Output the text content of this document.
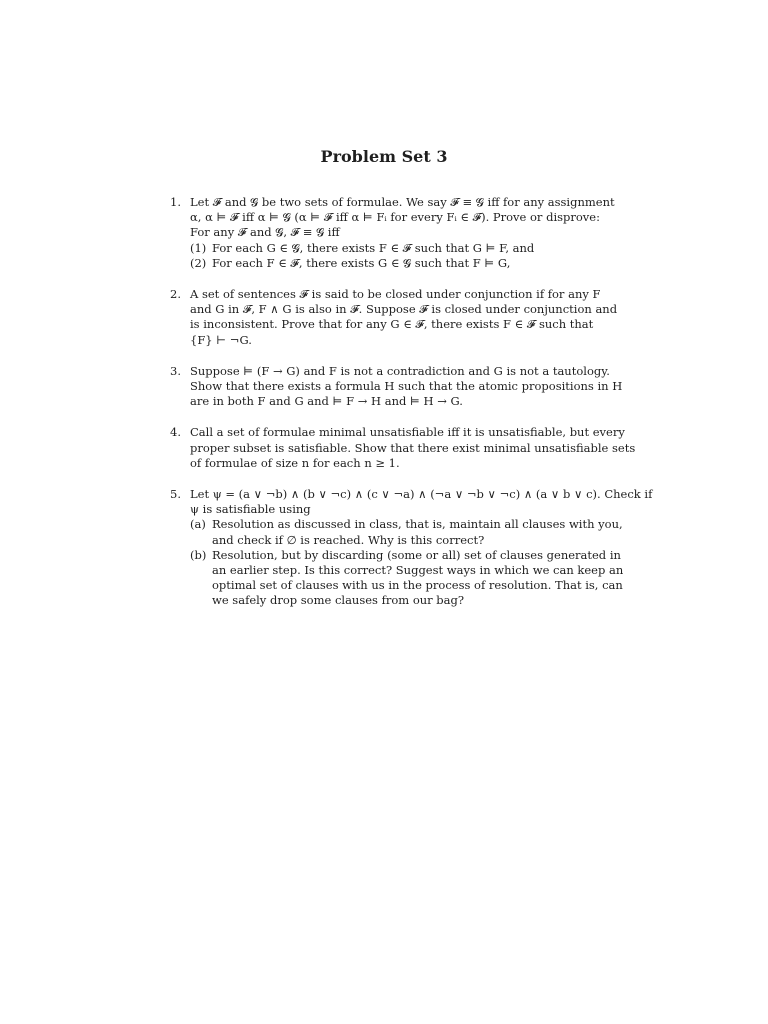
Problem Set 3
1. Let 𝓕 and 𝓖 be two sets of formulae. We say 𝓕 ≡ 𝓖 iff for any assignment
α, α ⊨ 𝓕 iff α ⊨ 𝓖 (α ⊨ 𝓕 iff α ⊨ Fᵢ for every Fᵢ ∈ 𝓕). Prove or disprove:
For any 𝓕 and 𝓖, 𝓕 ≡ 𝓖 iff
(1) For each G ∈ 𝓖, there exists F ∈ 𝓕 such that G ⊨ F, and
(2) For each F ∈ 𝓕, there exists G ∈ 𝓖 such that F ⊨ G,
2. A set of sentences 𝓕 is said to be closed under conjunction if for any F
and G in 𝓕, F ∧ G is also in 𝓕. Suppose 𝓕 is closed under conjunction and
is inconsistent. Prove that for any G ∈ 𝓕, there exists F ∈ 𝓕 such that
{F} ⊢ ¬G.
3. Suppose ⊨ (F → G) and F is not a contradiction and G is not a tautology.
Show that there exists a formula H such that the atomic propositions in H
are in both F and G and ⊨ F → H and ⊨ H → G.
4. Call a set of formulae minimal unsatisfiable iff it is unsatisfiable, but every
proper subset is satisfiable. Show that there exist minimal unsatisfiable sets
of formulae of size n for each n ≥ 1.
5. Let ψ = (a ∨ ¬b) ∧ (b ∨ ¬c) ∧ (c ∨ ¬a) ∧ (¬a ∨ ¬b ∨ ¬c) ∧ (a ∨ b ∨ c). Check if
ψ is satisfiable using
(a) Resolution as discussed in class, that is, maintain all clauses with you,
and check if ∅ is reached. Why is this correct?
(b) Resolution, but by discarding (some or all) set of clauses generated in
an earlier step. Is this correct? Suggest ways in which we can keep an
optimal set of clauses with us in the process of resolution. That is, can
we safely drop some clauses from our bag?
